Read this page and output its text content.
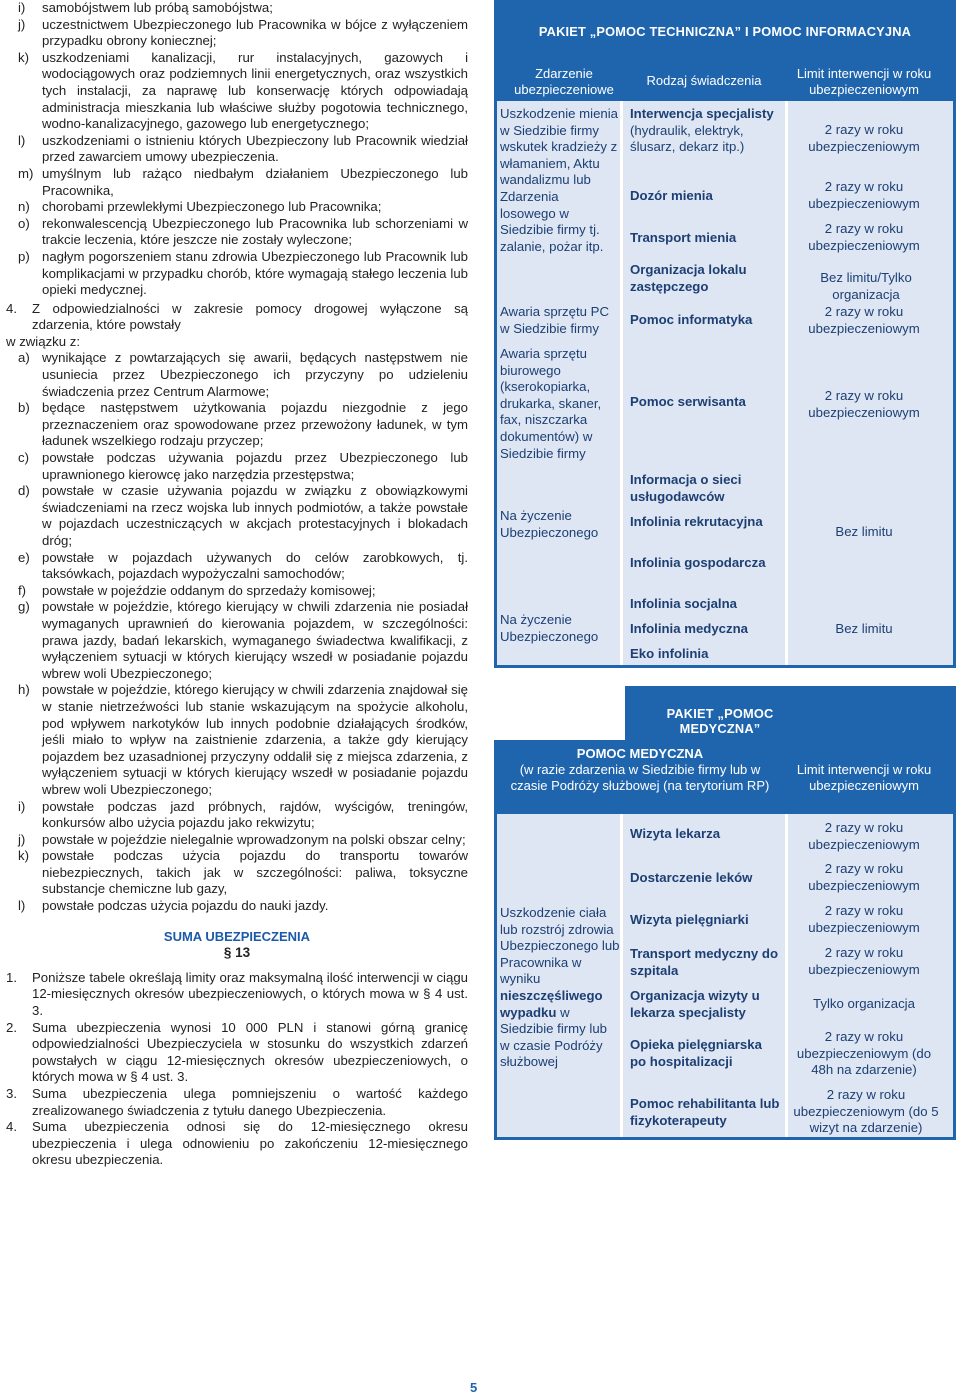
i) samobójstwem lub próbą samobójstwa;
j) uczestnictwem Ubezpieczonego lub Pracownika w bójce z wyłączeniem przypadku obrony koniecznej;
k) uszkodzeniami kanalizacji, rur instalacyjnych, gazowych i wodociągowych oraz podziemnych linii energetycznych, oraz wszystkich tych instalacji, za naprawę lub konserwację których odpowiadają administracja mieszkania lub właściwe służby pogotowia technicznego, wodno-kanalizacyjnego, gazowego lub energetycznego;
l) uszkodzeniami o istnieniu których Ubezpieczony lub Pracownik wiedział przed zawarciem umowy ubezpieczenia.
m) umyślnym lub rażąco niedbałym działaniem Ubezpieczonego lub Pracownika,
n) chorobami przewlekłymi Ubezpieczonego lub Pracownika;
o) rekonwalescencją Ubezpieczonego lub Pracownika lub schorzeniami w trakcie leczenia, które jeszcze nie zostały wyleczone;
p) nagłym pogorszeniem stanu zdrowia Ubezpieczonego lub Pracownik lub komplikacjami w przypadku chorób, które wymagają stałego leczenia lub opieki medycznej.
4. Z odpowiedzialności w zakresie pomocy drogowej wyłączone są zdarzenia, które powstały
w związku z:
a) wynikające z powtarzających się awarii, będących następstwem nie usuniecia przez Ubezpieczonego ich przyczyny po udzieleniu świadczenia przez Centrum Alarmowe;
b) będące następstwem użytkowania pojazdu niezgodnie z jego przeznaczeniem oraz spowodowane przez przewożony ładunek, w tym ładunek wszelkiego rodzaju przyczep;
c) powstałe podczas używania pojazdu przez Ubezpieczonego lub uprawnionego kierowcę jako narzędzia przestępstwa;
d) powstałe w czasie używania pojazdu w związku z obowiązkowymi świadczeniami na rzecz wojska lub innych podmiotów, a także powstałe w pojazdach uczestniczących w akcjach protestacyjnych i blokadach dróg;
e) powstałe w pojazdach używanych do celów zarobkowych, tj. taksówkach, pojazdach wypożyczalni samochodów;
f) powstałe w pojeździe oddanym do sprzedaży komisowej;
g) powstałe w pojeździe, którego kierujący w chwili zdarzenia nie posiadał wymaganych uprawnień do kierowania pojazdem, w szczególności: prawa jazdy, badań lekarskich, wymaganego świadectwa kwalifikacji, z wyłączeniem sytuacji w których kierujący wszedł w posiadanie pojazdu wbrew woli Ubezpieczonego;
h) powstałe w pojeździe, którego kierujący w chwili zdarzenia znajdował się w stanie nietrzeźwości lub stanie wskazującym na spożycie alkoholu, pod wpływem narkotyków lub innych podobnie działających środków, jeśli miało to wpływ na zaistnienie zdarzenia, a także gdy kierujący pojazdem bez uzasadnionej przyczyny oddalił się z miejsca zdarzenia, z wyłączeniem sytuacji w których kierujący wszedł w posiadanie pojazdu wbrew woli Ubezpieczonego;
i) powstałe podczas jazd próbnych, rajdów, wyścigów, treningów, konkursów albo użycia pojazdu jako rekwizytu;
j) powstałe w pojeździe nielegalnie wprowadzonym na polski obszar celny;
k) powstałe podczas użycia pojazdu do transportu towarów niebezpiecznych, takich jak w szczególności: paliwa, toksyczne substancje chemiczne lub gazy,
l) powstałe podczas użycia pojazdu do nauki jazdy.
SUMA UBEZPIECZENIA
§ 13
1. Poniższe tabele określają limity oraz maksymalną ilość interwencji w ciągu 12-miesięcznych okresów ubezpieczeniowych, o których mowa w § 4 ust. 3.
2. Suma ubezpieczenia wynosi 10 000 PLN i stanowi górną granicę odpowiedzialności Ubezpieczyciela w stosunku do wszystkich zdarzeń powstałych w ciągu 12-miesięcznych okresów ubezpieczeniowych, o których mowa w § 4 ust. 3.
3. Suma ubezpieczenia ulega pomniejszeniu o wartość każdego zrealizowanego świadczenia z tytułu danego Ubezpieczenia.
4. Suma ubezpieczenia odnosi się do 12-miesięcznego okresu ubezpieczenia i ulega odnowieniu po zakończeniu 12-miesięcznego okresu ubezpieczenia.
PAKIET „POMOC TECHNICZNA” I POMOC INFORMACYJNA
Zdarzenie ubezpieczeniowe
Rodzaj świadczenia	Limit interwencji w roku ubezpieczeniowym
Uszkodzenie mienia w Siedzibie firmy wskutek kradzieży z włamaniem, Aktu wandalizmu lub Zdarzenia losowego w Siedzibie firmy tj. zalanie, pożar itp.
Awaria sprzętu PC w Siedzibie firmy
Awaria sprzętu biurowego (kserokopiarka, drukarka, skaner, fax, niszczarka dokumentów) w Siedzibie firmy
Na życzenie Ubezpieczonego
Na życzenie Ubezpieczonego
Interwencja specjalisty
(hydraulik, elektryk, ślusarz, dekarz itp.)
Dozór mienia
Transport mienia
Organizacja lokalu zastępczego
Pomoc informatyka
Pomoc serwisanta
Informacja o sieci usługodawców
Infolinia rekrutacyjna
Infolinia gospodarcza
Infolinia socjalna
Infolinia medyczna
Eko infolinia
2 razy w roku ubezpieczeniowym
2 razy w roku ubezpieczeniowym
2 razy w roku ubezpieczeniowym
Bez limitu/Tylko organizacja
2 razy w roku ubezpieczeniowym
2 razy w roku ubezpieczeniowym
Bez limitu
Bez limitu
PAKIET „POMOC MEDYCZNA”
POMOC MEDYCZNA
(w razie zdarzenia w Siedzibie firmy lub w czasie Podróży służbowej (na terytorium RP)
Limit interwencji w roku ubezpieczeniowym
Uszkodzenie ciała lub rozstrój zdrowia Ubezpieczonego lub Pracownika w wyniku nieszczęśliwego wypadku w Siedzibie firmy lub w czasie Podróży służbowej
Wizyta lekarza
Dostarczenie leków
Wizyta pielęgniarki
Transport medyczny do szpitala
Organizacja wizyty u lekarza specjalisty
Opieka pielęgniarska po hospitalizacji
Pomoc rehabilitanta lub fizykoterapeuty
2 razy w roku ubezpieczeniowym
2 razy w roku ubezpieczeniowym
2 razy w roku ubezpieczeniowym
2 razy w roku ubezpieczeniowym
Tylko organizacja
2 razy w roku ubezpieczeniowym (do 48h na zdarzenie)
2 razy w roku ubezpieczeniowym (do 5 wizyt na zdarzenie)
5
